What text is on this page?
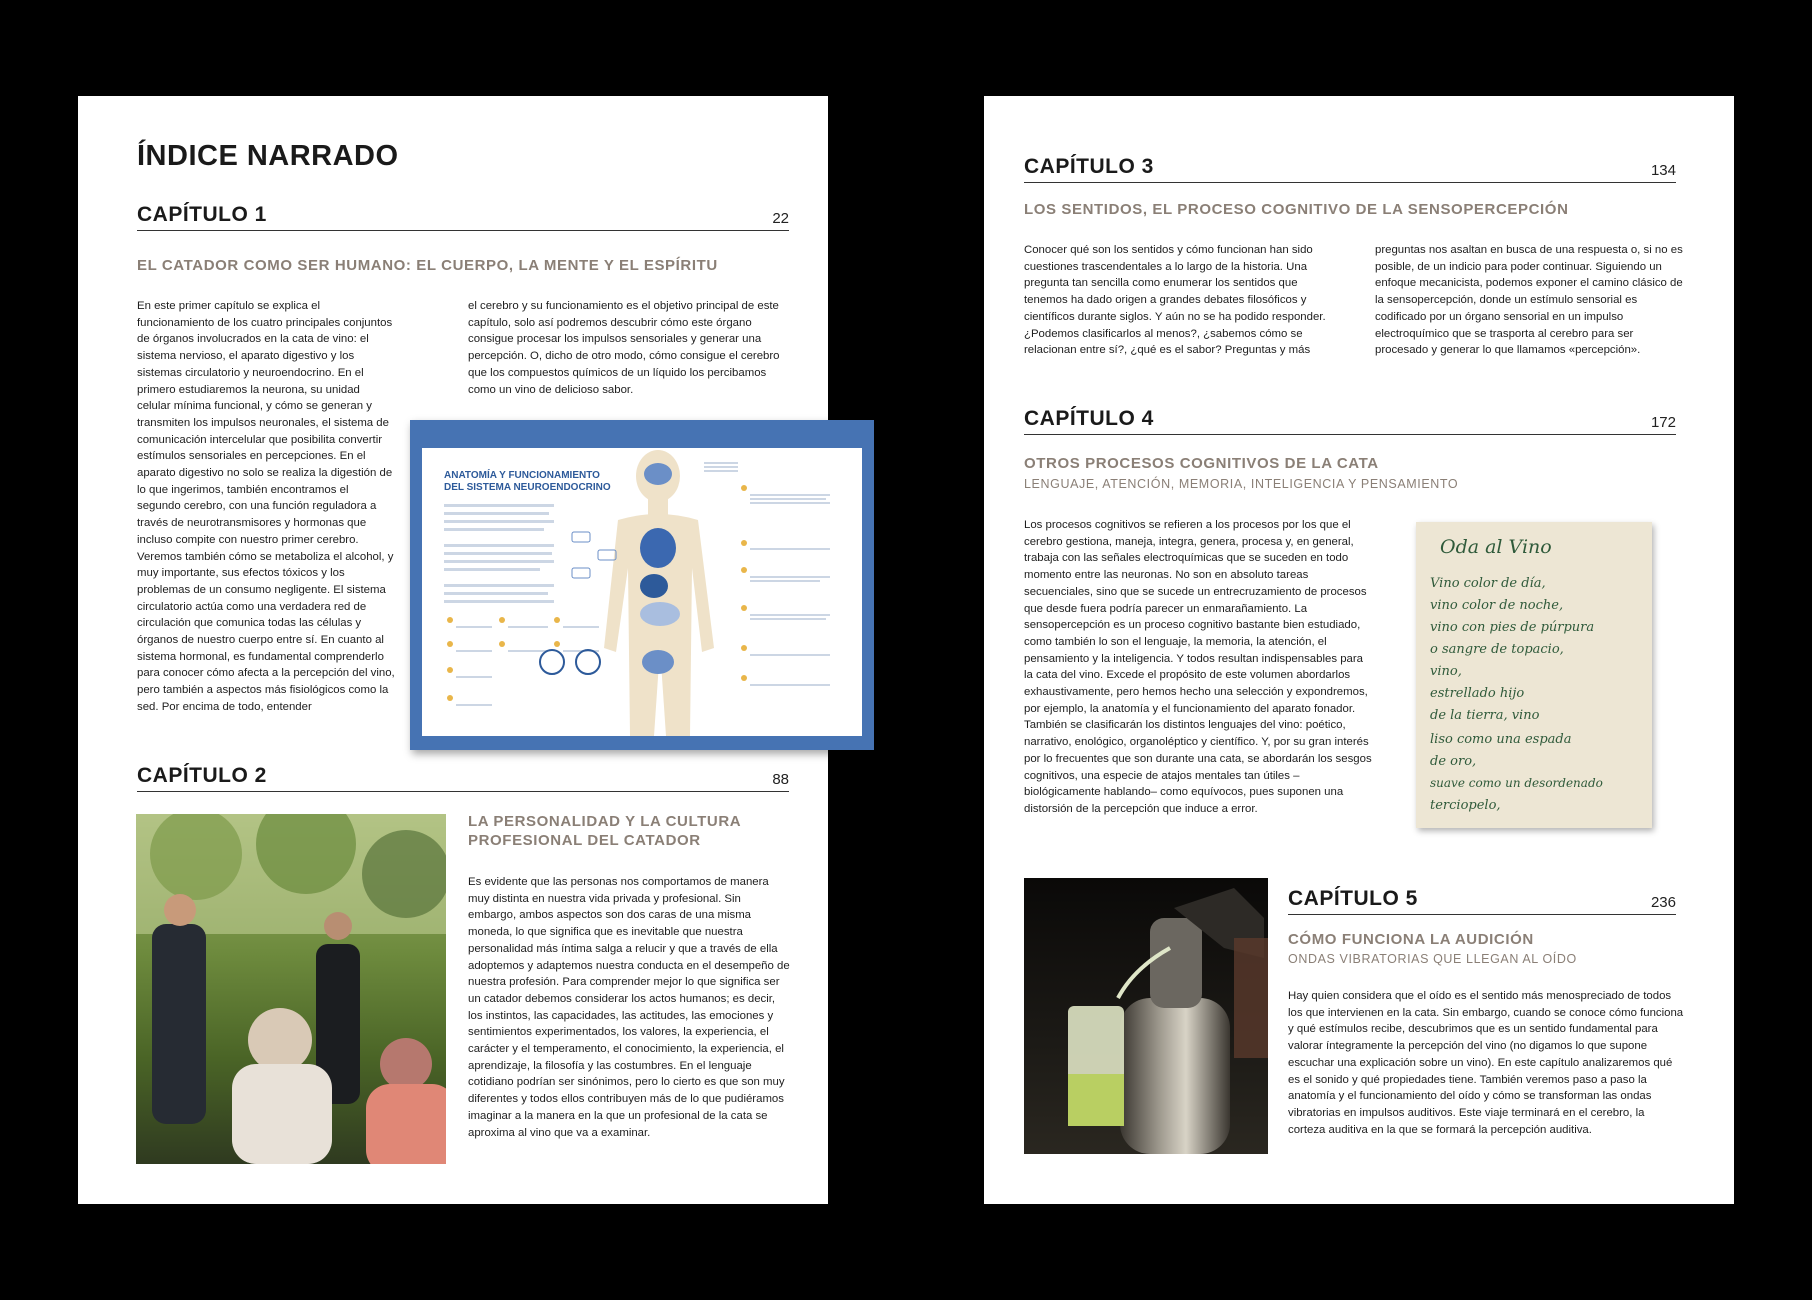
ÍNDICE NARRADO
CAPÍTULO 1	22
EL CATADOR COMO SER HUMANO: EL CUERPO, LA MENTE Y EL ESPÍRITU
En este primer capítulo se explica el funcionamiento de los cuatro principales conjuntos de órganos involucrados en la cata de vino: el sistema nervioso, el aparato digestivo y los sistemas circulatorio y neuroendocrino. En el primero estudiaremos la neurona, su unidad celular mínima funcional, y cómo se generan y transmiten los impulsos neuronales, el sistema de comunicación intercelular que posibilita convertir estímulos sensoriales en percepciones. En el aparato digestivo no solo se realiza la digestión de lo que ingerimos, también encontramos el segundo cerebro, con una función reguladora a través de neurotransmisores y hormonas que incluso compite con nuestro primer cerebro. Veremos también cómo se metaboliza el alcohol, y muy importante, sus efectos tóxicos y los problemas de un consumo negligente. El sistema circulatorio actúa como una verdadera red de circulación que comunica todas las células y órganos de nuestro cuerpo entre sí. En cuanto al sistema hormonal, es fundamental comprenderlo para conocer cómo afecta a la percepción del vino, pero también a aspectos más fisiológicos como la sed. Por encima de todo, entender
el cerebro y su funcionamiento es el objetivo principal de este capítulo, solo así podremos descubrir cómo este órgano consigue procesar los impulsos sensoriales y generar una percepción. O, dicho de otro modo, cómo consigue el cerebro que los compuestos químicos de un líquido los percibamos como un vino de delicioso sabor.
ANATOMÍA Y FUNCIONAMIENTO
DEL SISTEMA NEUROENDOCRINO
CAPÍTULO 2	88
LA PERSONALIDAD Y LA CULTURA
PROFESIONAL DEL CATADOR
Es evidente que las personas nos comportamos de manera muy distinta en nuestra vida privada y profesional. Sin embargo, ambos aspectos son dos caras de una misma moneda, lo que significa que es inevitable que nuestra personalidad más íntima salga a relucir y que a través de ella adoptemos y adaptemos nuestra conducta en el desempeño de nuestra profesión. Para comprender mejor lo que significa ser un catador debemos considerar los actos humanos; es decir, los instintos, las capacidades, las actitudes, las emociones y sentimientos experimentados, los valores, la experiencia, el carácter y el temperamento, el conocimiento, la experiencia, el aprendizaje, la filosofía y las costumbres. En el lenguaje cotidiano podrían ser sinónimos, pero lo cierto es que son muy diferentes y todos ellos contribuyen más de lo que pudiéramos imaginar a la manera en la que un profesional de la cata se aproxima al vino que va a examinar.
CAPÍTULO 3	134
LOS SENTIDOS, EL PROCESO COGNITIVO DE LA SENSOPERCEPCIÓN
Conocer qué son los sentidos y cómo funcionan han sido cuestiones trascendentales a lo largo de la historia. Una pregunta tan sencilla como enumerar los sentidos que tenemos ha dado origen a grandes debates filosóficos y científicos durante siglos. Y aún no se ha podido responder. ¿Podemos clasificarlos al menos?, ¿sabemos cómo se relacionan entre sí?, ¿qué es el sabor? Preguntas y más preguntas nos asaltan en busca de una respuesta o, si no es posible, de un indicio para poder continuar. Siguiendo un enfoque mecanicista, podemos exponer el camino clásico de la sensopercepción, donde un estímulo sensorial es codificado por un órgano sensorial en un impulso electroquímico que se trasporta al cerebro para ser procesado y generar lo que llamamos «percepción».
CAPÍTULO 4	172
OTROS PROCESOS COGNITIVOS DE LA CATA
LENGUAJE, ATENCIÓN, MEMORIA, INTELIGENCIA Y PENSAMIENTO
Los procesos cognitivos se refieren a los procesos por los que el cerebro gestiona, maneja, integra, genera, procesa y, en general, trabaja con las señales electroquímicas que se suceden en todo momento entre las neuronas. No son en absoluto tareas secuenciales, sino que se sucede un entrecruzamiento de procesos que desde fuera podría parecer un enmarañamiento. La sensopercepción es un proceso cognitivo bastante bien estudiado, como también lo son el lenguaje, la memoria, la atención, el pensamiento y la inteligencia. Y todos resultan indispensables para la cata del vino. Excede el propósito de este volumen abordarlos exhaustivamente, pero hemos hecho una selección y expondremos, por ejemplo, la anatomía y el funcionamiento del aparato fonador. También se clasificarán los distintos lenguajes del vino: poético, narrativo, enológico, organoléptico y científico. Y, por su gran interés por lo frecuentes que son durante una cata, se abordarán los sesgos cognitivos, una especie de atajos mentales tan útiles –biológicamente hablando– como equívocos, pues suponen una distorsión de la percepción que induce a error.
Oda al Vino
Vino color de día,
vino color de noche,
vino con pies de púrpura
o sangre de topacio,
vino,
estrellado hijo
de la tierra, vino
liso como una espada
de oro,
suave como un desordenado
terciopelo,
CAPÍTULO 5	236
CÓMO FUNCIONA LA AUDICIÓN
ONDAS VIBRATORIAS QUE LLEGAN AL OÍDO
Hay quien considera que el oído es el sentido más menospreciado de todos los que intervienen en la cata. Sin embargo, cuando se conoce cómo funciona y qué estímulos recibe, descubrimos que es un sentido fundamental para valorar íntegramente la percepción del vino (no digamos lo que supone escuchar una explicación sobre un vino). En este capítulo analizaremos qué es el sonido y qué propiedades tiene. También veremos paso a paso la anatomía y el funcionamiento del oído y cómo se transforman las ondas vibratorias en impulsos auditivos. Este viaje terminará en el cerebro, la corteza auditiva en la que se formará la percepción auditiva.
